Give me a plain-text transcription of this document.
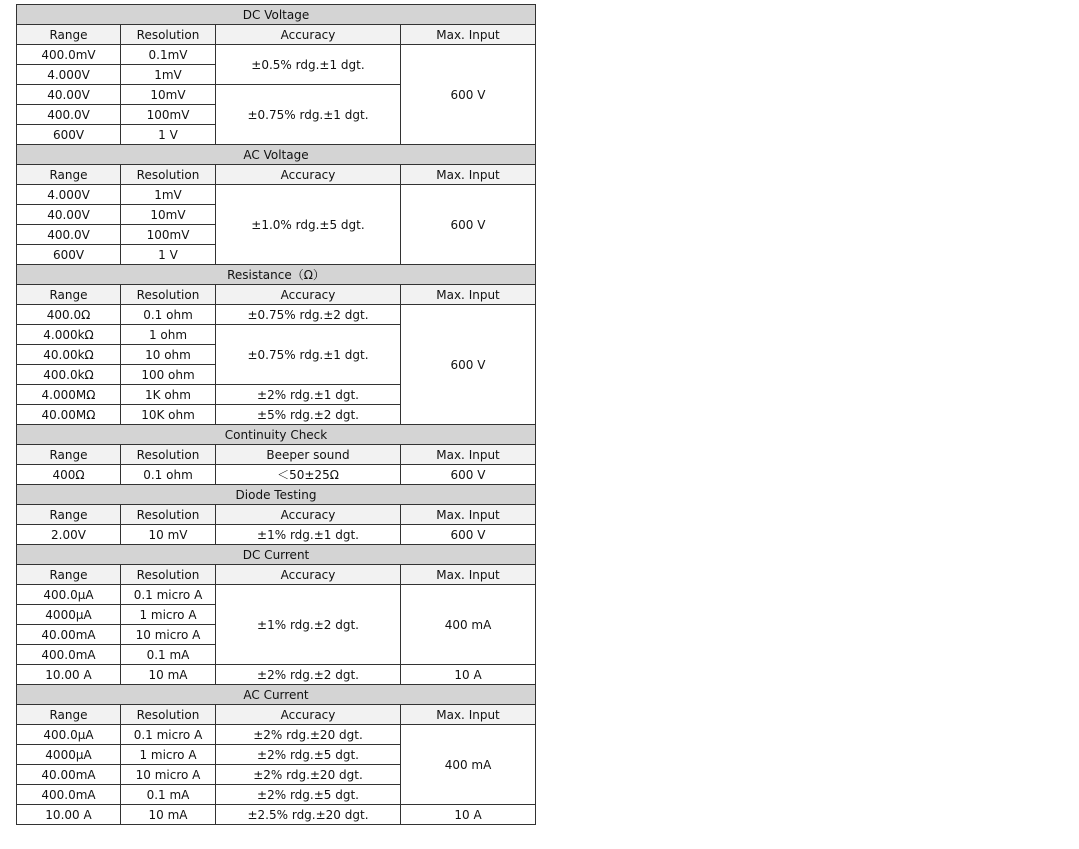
DC Voltage			
Range	Resolution	Accuracy	Max. Input
400.0mV	0.1mV	±0.5% rdg.±1 dgt.	600 V
4.000V	1mV		
40.00V	10mV	±0.75% rdg.±1 dgt.	
400.0V	100mV		
600V	1 V		
AC Voltage			
Range	Resolution	Accuracy	Max. Input
4.000V	1mV	±1.0% rdg.±5 dgt.	600 V
40.00V	10mV		
400.0V	100mV		
600V	1 V		
Resistance（Ω）			
Range	Resolution	Accuracy	Max. Input
400.0Ω	0.1 ohm	±0.75% rdg.±2 dgt.	600 V
4.000kΩ	1 ohm	±0.75% rdg.±1 dgt.	
40.00kΩ	10 ohm		
400.0kΩ	100 ohm		
4.000MΩ	1K ohm	±2% rdg.±1 dgt.	
40.00MΩ	10K ohm	±5% rdg.±2 dgt.	
Continuity Check			
Range	Resolution	Beeper sound	Max. Input
400Ω	0.1 ohm	＜50±25Ω	600 V
Diode Testing			
Range	Resolution	Accuracy	Max. Input
2.00V	10 mV	±1% rdg.±1 dgt.	600 V
DC Current			
Range	Resolution	Accuracy	Max. Input
400.0μA	0.1 micro A	±1% rdg.±2 dgt.	400 mA
4000μA	1 micro A		
40.00mA	10 micro A		
400.0mA	0.1 mA		
10.00 A	10 mA	±2% rdg.±2 dgt.	10 A
AC Current			
Range	Resolution	Accuracy	Max. Input
400.0μA	0.1 micro A	±2% rdg.±20 dgt.	400 mA
4000μA	1 micro A	±2% rdg.±5 dgt.	
40.00mA	10 micro A	±2% rdg.±20 dgt.	
400.0mA	0.1 mA	±2% rdg.±5 dgt.	
10.00 A	10 mA	±2.5% rdg.±20 dgt.	10 A
